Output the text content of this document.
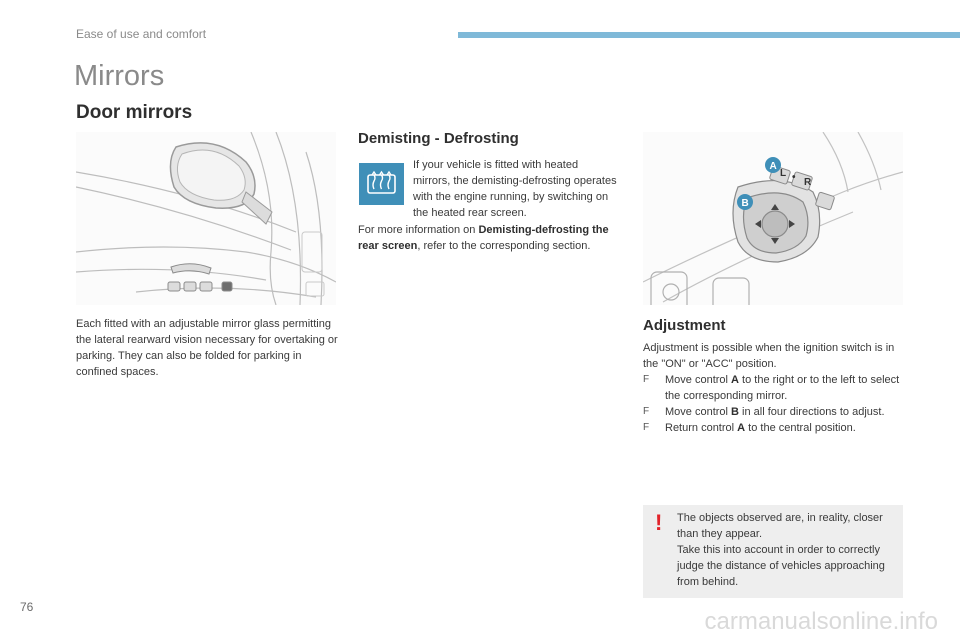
Ease of use and comfort
Mirrors
Door mirrors
Each fitted with an adjustable mirror glass permitting the lateral rearward vision necessary for overtaking or parking. They can also be folded for parking in confined spaces.
Demisting - Defrosting
If your vehicle is fitted with heated mirrors, the demisting-defrosting operates with the engine running, by switching on the heated rear screen.
For more information on Demisting-defrosting the rear screen, refer to the corresponding section.
L • R
A
B
Adjustment
Adjustment is possible when the ignition switch is in the "ON" or "ACC" position.
F Move control A to the right or to the left to select the corresponding mirror.
F Move control B in all four directions to adjust.
F Return control A to the central position.
! The objects observed are, in reality, closer than they appear.
Take this into account in order to correctly judge the distance of vehicles approaching from behind.
76
carmanualsonline.info
